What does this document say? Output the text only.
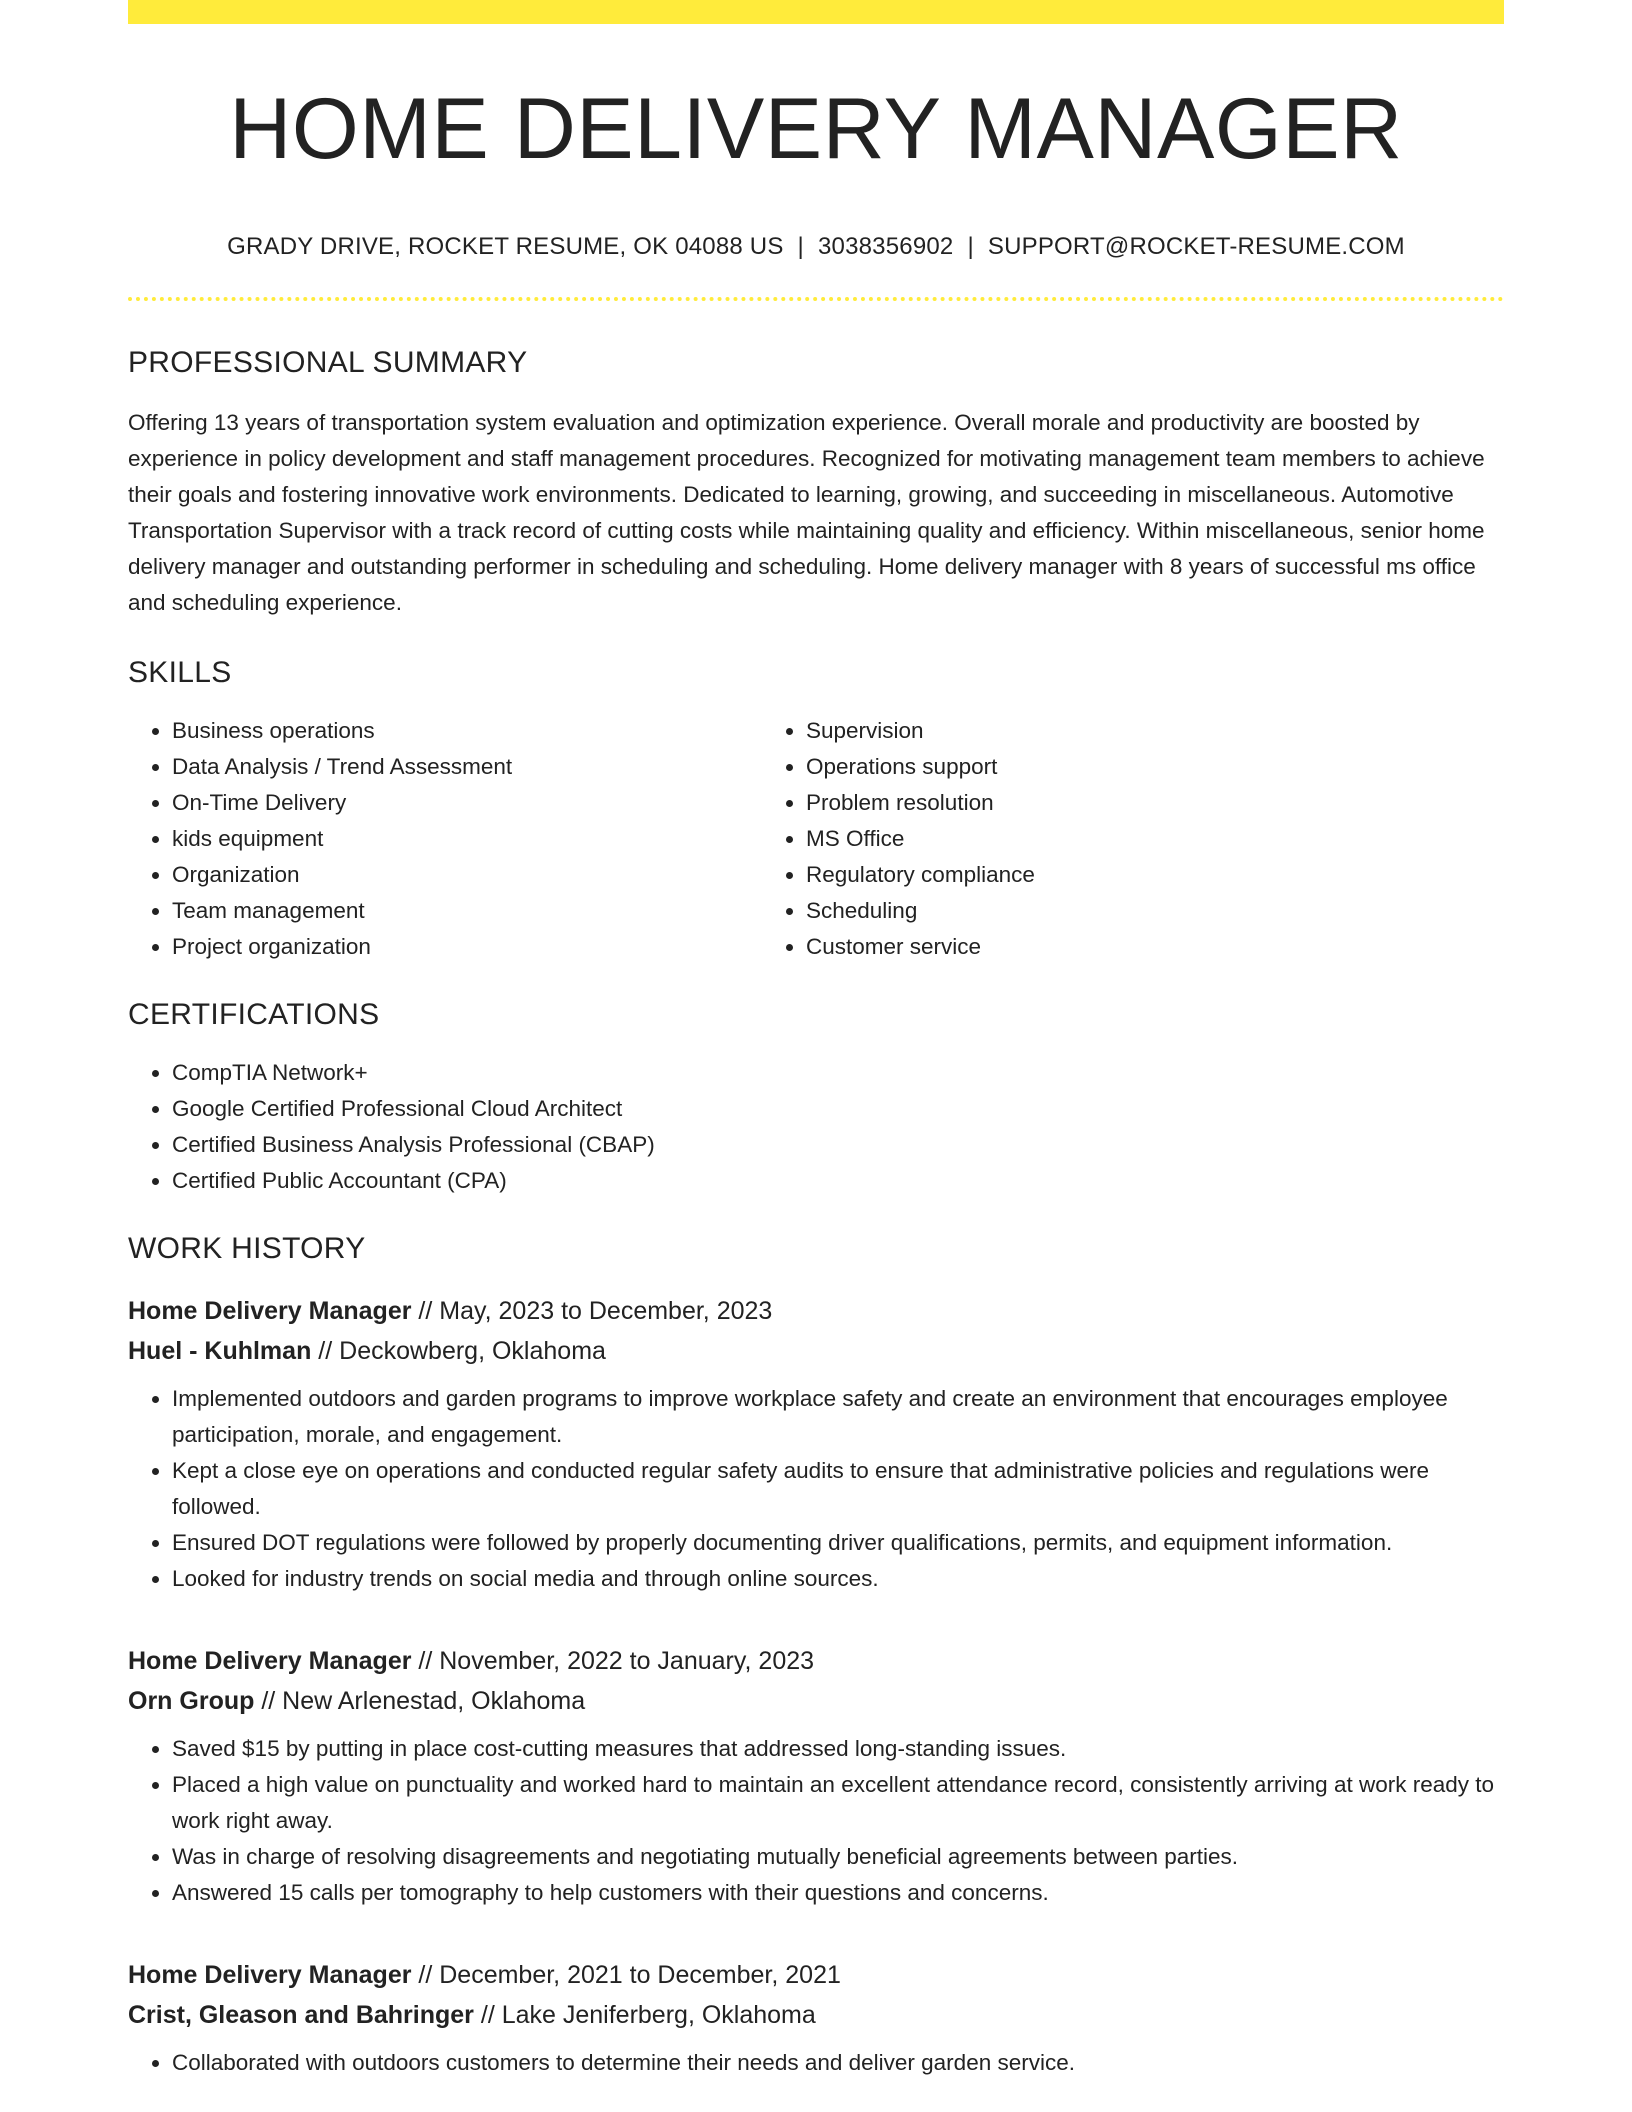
HOME DELIVERY MANAGER
GRADY DRIVE, ROCKET RESUME, OK 04088 US | 3038356902 | SUPPORT@ROCKET-RESUME.COM
PROFESSIONAL SUMMARY

Offering 13 years of transportation system evaluation and optimization experience. Overall morale and productivity are boosted by experience in policy development and staff management procedures. Recognized for motivating management team members to achieve their goals and fostering innovative work environments. Dedicated to learning, growing, and succeeding in miscellaneous. Automotive Transportation Supervisor with a track record of cutting costs while maintaining quality and efficiency. Within miscellaneous, senior home delivery manager and outstanding performer in scheduling and scheduling. Home delivery manager with 8 years of successful ms office and scheduling experience.

SKILLS
• Business operations
• Data Analysis / Trend Assessment
• On-Time Delivery
• kids equipment
• Organization
• Team management
• Project organization
• Supervision
• Operations support
• Problem resolution
• MS Office
• Regulatory compliance
• Scheduling
• Customer service
CERTIFICATIONS
• CompTIA Network+
• Google Certified Professional Cloud Architect
• Certified Business Analysis Professional (CBAP)
• Certified Public Accountant (CPA)
WORK HISTORY
Home Delivery Manager // May, 2023 to December, 2023
Huel - Kuhlman // Deckowberg, Oklahoma
• Implemented outdoors and garden programs to improve workplace safety and create an environment that encourages employee participation, morale, and engagement.
• Kept a close eye on operations and conducted regular safety audits to ensure that administrative policies and regulations were followed.
• Ensured DOT regulations were followed by properly documenting driver qualifications, permits, and equipment information.
• Looked for industry trends on social media and through online sources.
Home Delivery Manager // November, 2022 to January, 2023
Orn Group // New Arlenestad, Oklahoma
• Saved $15 by putting in place cost-cutting measures that addressed long-standing issues.
• Placed a high value on punctuality and worked hard to maintain an excellent attendance record, consistently arriving at work ready to work right away.
• Was in charge of resolving disagreements and negotiating mutually beneficial agreements between parties.
• Answered 15 calls per tomography to help customers with their questions and concerns.
Home Delivery Manager // December, 2021 to December, 2021
Crist, Gleason and Bahringer // Lake Jeniferberg, Oklahoma
• Collaborated with outdoors customers to determine their needs and deliver garden service.
